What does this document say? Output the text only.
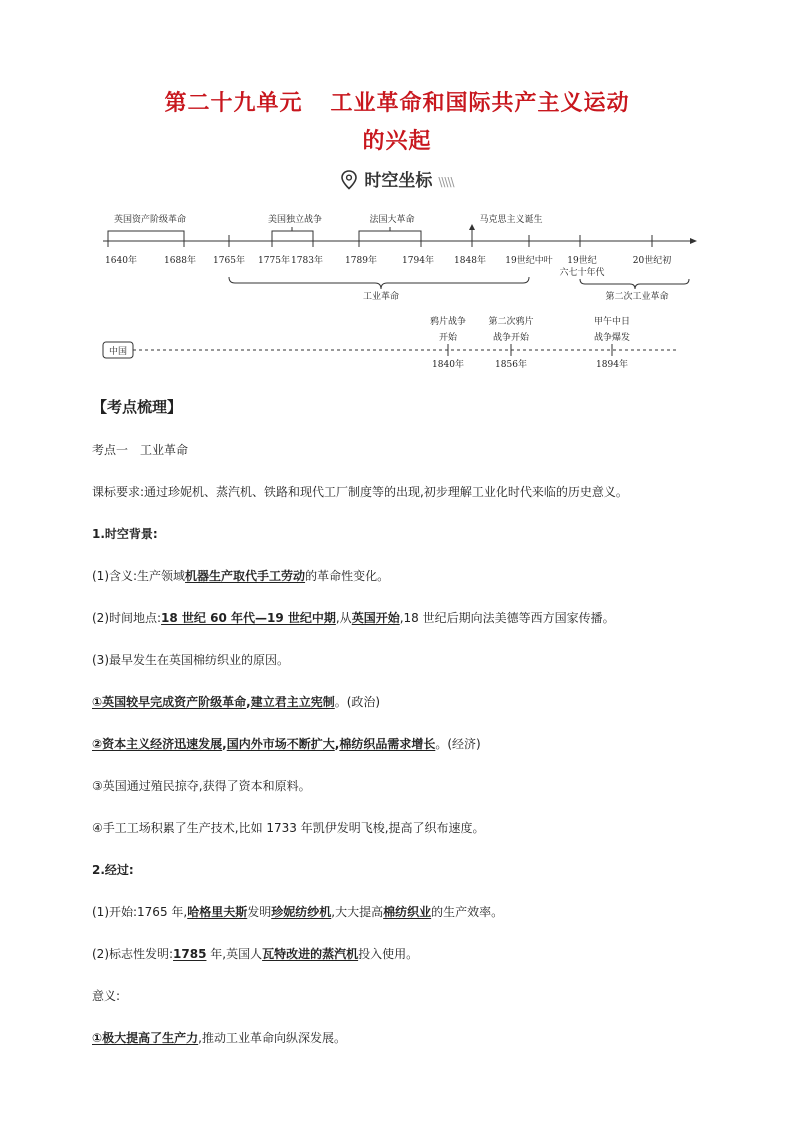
第二十九单元 工业革命和国际共产主义运动
的兴起
时空坐标 \\\\\
英国资产阶级革命	美国独立战争	法国大革命	马克思主义诞生
1640年	1688年 1765年 1775年 1783年 1789年	1794年 1848年 19世纪中叶 19世纪
六七十年代
20世纪初
工业革命	第二次工业革命
中国
鸦片战争
开始
第二次鸦片
战争开始
甲午中日
战争爆发
1840年	1856年	1894年
【考点梳理】
考点一　工业革命
课标要求:通过珍妮机、蒸汽机、铁路和现代工厂制度等的出现,初步理解工业化时代来临的历史意义。
1.时空背景:
(1)含义:生产领域机器生产取代手工劳动的革命性变化。
(2)时间地点:18 世纪 60 年代—19 世纪中期,从英国开始,18 世纪后期向法美德等西方国家传播。
(3)最早发生在英国棉纺织业的原因。
①英国较早完成资产阶级革命,建立君主立宪制。(政治)
②资本主义经济迅速发展,国内外市场不断扩大,棉纺织品需求增长。(经济)
③英国通过殖民掠夺,获得了资本和原料。
④手工工场积累了生产技术,比如 1733 年凯伊发明飞梭,提高了织布速度。
2.经过:
(1)开始:1765 年,哈格里夫斯发明珍妮纺纱机,大大提高棉纺织业的生产效率。
(2)标志性发明:1785 年,英国人瓦特改进的蒸汽机投入使用。
意义:
①极大提高了生产力,推动工业革命向纵深发展。
